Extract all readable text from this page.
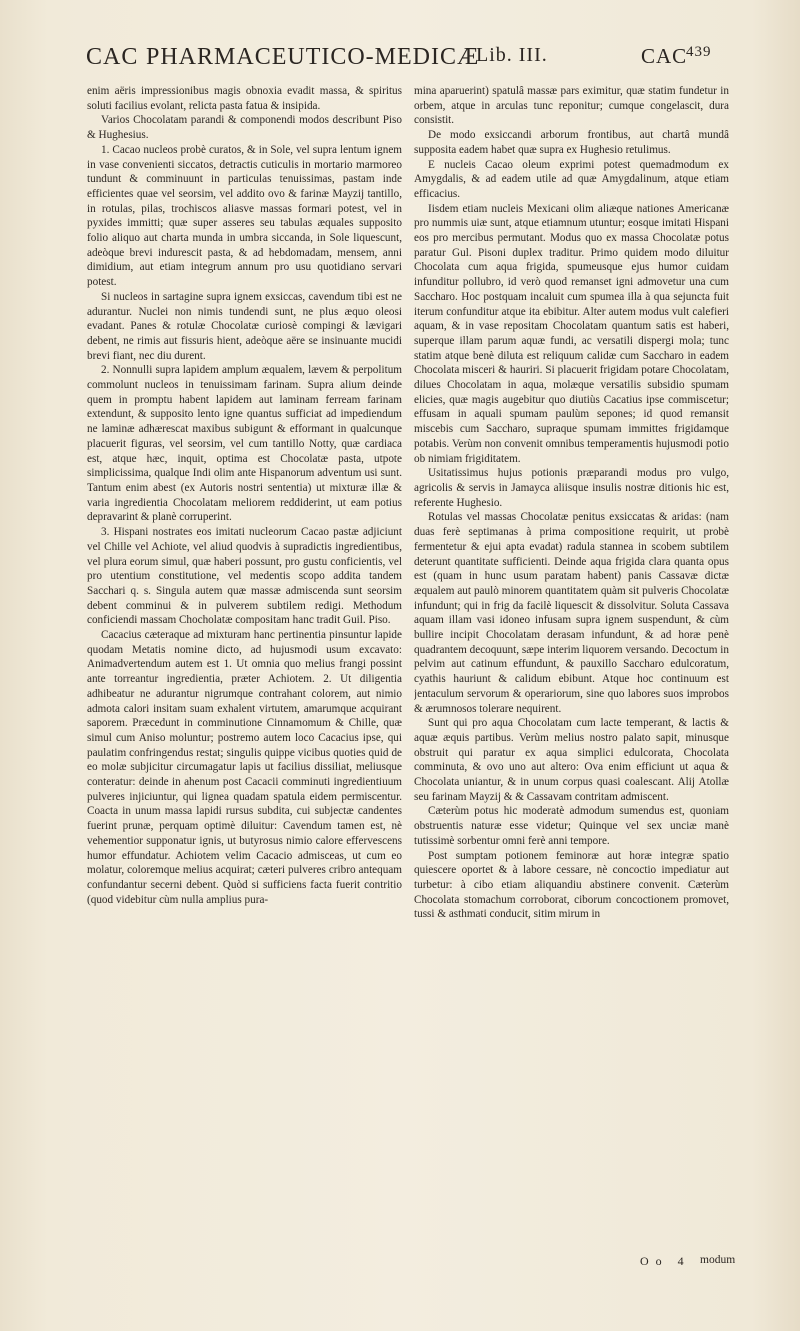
CAC PHARMACEUTICO-MEDICÆ
Lib. III.	CAC
439

enim aëris impressionibus magis obnoxia evadit massa, & spiritus soluti facilius evolant, relicta pasta fatua & insipida.

Varios Chocolatam parandi & componendi modos describunt Piso & Hughesius.

1. Cacao nucleos probè curatos, & in Sole, vel supra lentum ignem in vase convenienti siccatos, detractis cuticulis in mortario marmoreo tundunt & comminuunt in particulas tenuissimas, pastam inde efficientes quae vel seorsim, vel addito ovo & farinæ Mayzij tantillo, in rotulas, pilas, trochiscos aliasve massas formari potest, vel in pyxides immitti; quæ super asseres seu tabulas æquales supposito folio aliquo aut charta munda in umbra siccanda, in Sole liquescunt, adeòque brevi indurescit pasta, & ad hebdomadam, mensem, anni dimidium, aut etiam integrum annum pro usu quotidiano servari potest.

Si nucleos in sartagine supra ignem exsiccas, cavendum tibi est ne adurantur. Nuclei non nimis tundendi sunt, ne plus æquo oleosi evadant. Panes & rotulæ Chocolatæ curiosè compingi & lævigari debent, ne rimis aut fissuris hient, adeòque aëre se insinuante mucidi brevi fiant, nec diu durent.

2. Nonnulli supra lapidem amplum æqualem, lævem & perpolitum commolunt nucleos in tenuissimam farinam. Supra alium deinde quem in promptu habent lapidem aut laminam ferream farinam extendunt, & supposito lento igne quantus sufficiat ad impediendum ne laminæ adhærescat maxibus subigunt & efformant in qualcunque placuerit figuras, vel seorsim, vel cum tantillo Notty, quæ cardiaca est, atque hæc, inquit, optima est Chocolatæ pasta, utpote simplicissima, qualque Indi olim ante Hispanorum adventum usi sunt. Tantum enim abest (ex Autoris nostri sententia) ut mixturæ illæ & varia ingredientia Chocolatam meliorem reddiderint, ut eam potius depravarint & planè corruperint.

3. Hispani nostrates eos imitati nucleorum Cacao pastæ adjiciunt vel Chille vel Achiote, vel aliud quodvis à supradictis ingredientibus, vel plura eorum simul, quæ haberi possunt, pro gustu conficientis, vel pro utentium constitutione, vel medentis scopo addita tandem Sacchari q. s. Singula autem quæ massæ admiscenda sunt seorsim debent comminui & in pulverem subtilem redigi. Methodum conficiendi massam Chocholatæ compositam hanc tradit Guil. Piso.

Cacacius cæteraque ad mixturam hanc pertinentia pinsuntur lapide quodam Metatis nomine dicto, ad hujusmodi usum excavato: Animadvertendum autem est 1. Ut omnia quo melius frangi possint ante torreantur ingredientia, præter Achiotem. 2. Ut diligentia adhibeatur ne adurantur nigrumque contrahant colorem, aut nimio admota calori insitam suam exhalent virtutem, amarumque acquirant saporem. Præcedunt in comminutione Cinnamomum & Chille, quæ simul cum Aniso moluntur; postremo autem loco Cacacius ipse, qui paulatim confringendus restat; singulis quippe vicibus quoties quid de eo molæ subjicitur circumagatur lapis ut facilius dissiliat, meliusque conteratur: deinde in ahenum post Cacacii comminuti ingredientiuum pulveres injiciuntur, qui lignea quadam spatula eidem permiscentur. Coacta in unum massa lapidi rursus subdita, cui subjectæ candentes fuerint prunæ, perquam optimè diluitur: Cavendum tamen est, nè vehementior supponatur ignis, ut butyrosus nimio calore effervescens humor effundatur. Achiotem velim Cacacio admisceas, ut cum eo molatur, coloremque melius acquirat; cæteri pulveres cribro antequam confundantur secerni debent. Quòd si sufficiens facta fuerit contritio (quod videbitur cùm nulla amplius pura-

mina aparuerint) spatulâ massæ pars eximitur, quæ statim fundetur in orbem, atque in arculas tunc reponitur; cumque congelascit, dura consistit.

De modo exsiccandi arborum frontibus, aut chartâ mundâ supposita eadem habet quæ supra ex Hughesio retulimus.

E nucleis Cacao oleum exprimi potest quemadmodum ex Amygdalis, & ad eadem utile ad quæ Amygdalinum, atque etiam efficacius.

Iisdem etiam nucleis Mexicani olim aliæque nationes Americanæ pro nummis uiæ sunt, atque etiamnum utuntur; eosque imitati Hispani eos pro mercibus permutant. Modus quo ex massa Chocolatæ potus paratur Gul. Pisoni duplex traditur. Primo quidem modo diluitur Chocolata cum aqua frigida, spumeusque ejus humor cuidam infunditur pollubro, id verò quod remanset igni admovetur una cum Saccharo. Hoc postquam incaluit cum spumea illa à qua sejuncta fuit iterum confunditur atque ita ebibitur. Alter autem modus vult calefieri aquam, & in vase repositam Chocolatam quantum satis est haberi, superque illam parum aquæ fundi, ac versatili dispergi mola; tunc statim atque benè diluta est reliquum calidæ cum Saccharo in eadem Chocolata misceri & hauriri. Si placuerit frigidam potare Chocolatam, dilues Chocolatam in aqua, molæque versatilis subsidio spumam elicies, quæ magis augebitur quo diutiùs Cacatius ipse commiscetur; effusam in aquali spumam paulùm sepones; id quod remansit miscebis cum Saccharo, supraque spumam immittes frigidamque potabis. Verùm non convenit omnibus temperamentis hujusmodi potio ob nimiam frigiditatem.

Usitatissimus hujus potionis præparandi modus pro vulgo, agricolis & servis in Jamayca aliisque insulis nostræ ditionis hic est, referente Hughesio.

Rotulas vel massas Chocolatæ penitus exsiccatas & aridas: (nam duas ferè septimanas à prima compositione requirit, ut probè fermentetur & ejui apta evadat) radula stannea in scobem subtilem deterunt quantitate sufficienti. Deinde aqua frigida clara quanta opus est (quam in hunc usum paratam habent) panis Cassavæ dictæ æqualem aut paulò minorem quantitatem quàm sit pulveris Chocolatæ infundunt; qui in frig da facilè liquescit & dissolvitur. Soluta Cassava aquam illam vasi idoneo infusam supra ignem suspendunt, & cùm bullire incipit Chocolatam derasam infundunt, & ad horæ penè quadrantem decoquunt, sæpe interim liquorem versando. Decoctum in pelvim aut catinum effundunt, & pauxillo Saccharo edulcoratum, cyathis hauriunt & calidum ebibunt. Atque hoc continuum est jentaculum servorum & operariorum, sine quo labores suos improbos & ærumnosos tolerare nequirent.

Sunt qui pro aqua Chocolatam cum lacte temperant, & lactis & aquæ æquis partibus. Verùm melius nostro palato sapit, minusque obstruit qui paratur ex aqua simplici edulcorata, Chocolata comminuta, & ovo uno aut altero: Ova enim efficiunt ut aqua & Chocolata uniantur, & in unum corpus quasi coalescant. Alij Atollæ seu farinam Mayzij & & Cassavam contritam admiscent.

Cæterùm potus hic moderatè admodum sumendus est, quoniam obstruentis naturæ esse videtur; Quinque vel sex unciæ manè tutissimè sorbentur omni ferè anni tempore.

Post sumptam potionem feminoræ aut horæ integræ spatio quiescere oportet & à labore cessare, nè concoctio impediatur aut turbetur: à cibo etiam aliquandiu abstinere convenit. Cæterùm Chocolata stomachum corroborat, ciborum concoctionem promovet, tussi & asthmati conducit, sitim mirum in

O o 4	modum
